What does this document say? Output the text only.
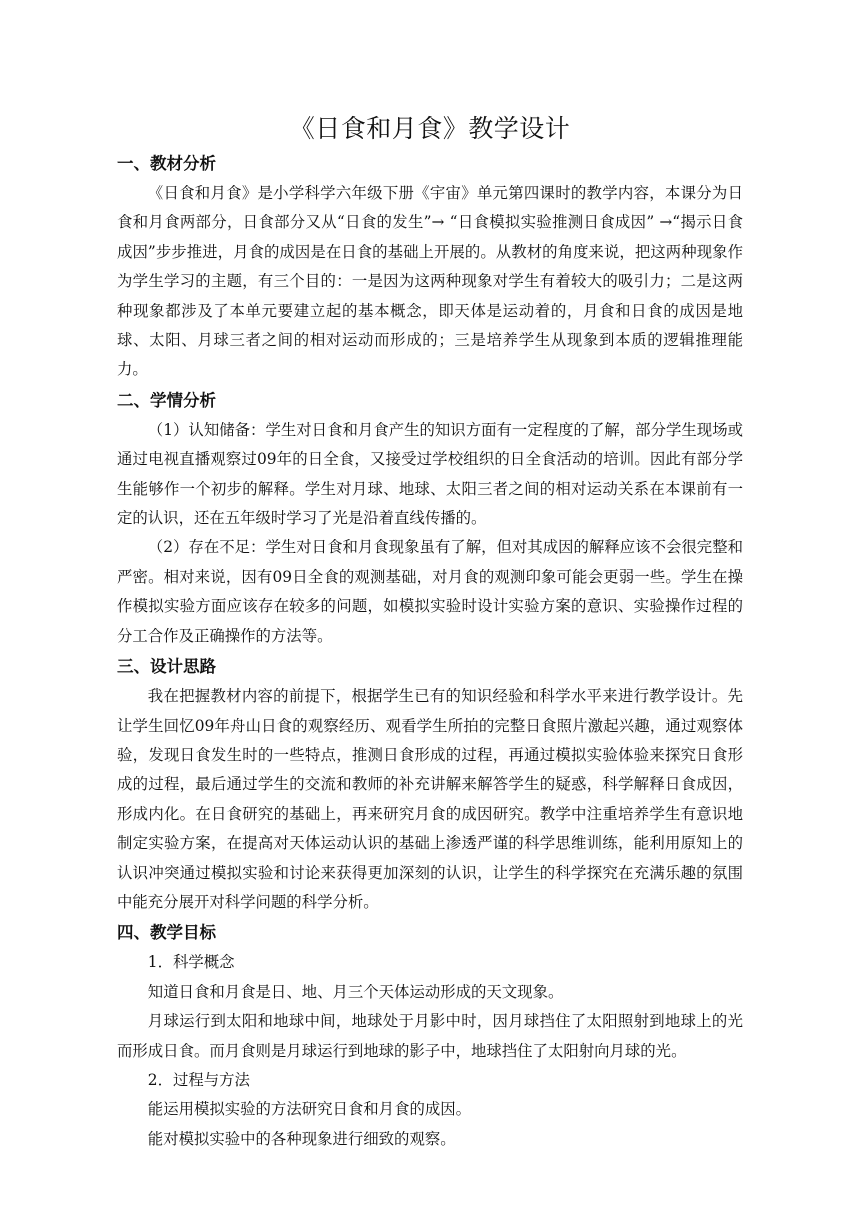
《日食和月食》教学设计
一、教材分析

《日食和月食》是小学科学六年级下册《宇宙》单元第四课时的教学内容，本课分为日食和月食两部分，日食部分又从“日食的发生”→ “日食模拟实验推测日食成因” →“揭示日食成因”步步推进，月食的成因是在日食的基础上开展的。从教材的角度来说，把这两种现象作为学生学习的主题，有三个目的：一是因为这两种现象对学生有着较大的吸引力；二是这两种现象都涉及了本单元要建立起的基本概念，即天体是运动着的，月食和日食的成因是地球、太阳、月球三者之间的相对运动而形成的；三是培养学生从现象到本质的逻辑推理能力。

二、学情分析

（1）认知储备：学生对日食和月食产生的知识方面有一定程度的了解，部分学生现场或通过电视直播观察过09年的日全食，又接受过学校组织的日全食活动的培训。因此有部分学生能够作一个初步的解释。学生对月球、地球、太阳三者之间的相对运动关系在本课前有一定的认识，还在五年级时学习了光是沿着直线传播的。

（2）存在不足：学生对日食和月食现象虽有了解，但对其成因的解释应该不会很完整和严密。相对来说，因有09日全食的观测基础，对月食的观测印象可能会更弱一些。学生在操作模拟实验方面应该存在较多的问题，如模拟实验时设计实验方案的意识、实验操作过程的分工合作及正确操作的方法等。

三、设计思路

我在把握教材内容的前提下，根据学生已有的知识经验和科学水平来进行教学设计。先让学生回忆09年舟山日食的观察经历、观看学生所拍的完整日食照片激起兴趣，通过观察体验，发现日食发生时的一些特点，推测日食形成的过程，再通过模拟实验体验来探究日食形成的过程，最后通过学生的交流和教师的补充讲解来解答学生的疑惑，科学解释日食成因，形成内化。在日食研究的基础上，再来研究月食的成因研究。教学中注重培养学生有意识地制定实验方案，在提高对天体运动认识的基础上渗透严谨的科学思维训练，能利用原知上的认识冲突通过模拟实验和讨论来获得更加深刻的认识，让学生的科学探究在充满乐趣的氛围中能充分展开对科学问题的科学分析。

四、教学目标

1．科学概念

知道日食和月食是日、地、月三个天体运动形成的天文现象。

月球运行到太阳和地球中间，地球处于月影中时，因月球挡住了太阳照射到地球上的光而形成日食。而月食则是月球运行到地球的影子中，地球挡住了太阳射向月球的光。

2．过程与方法

能运用模拟实验的方法研究日食和月食的成因。

能对模拟实验中的各种现象进行细致的观察。
